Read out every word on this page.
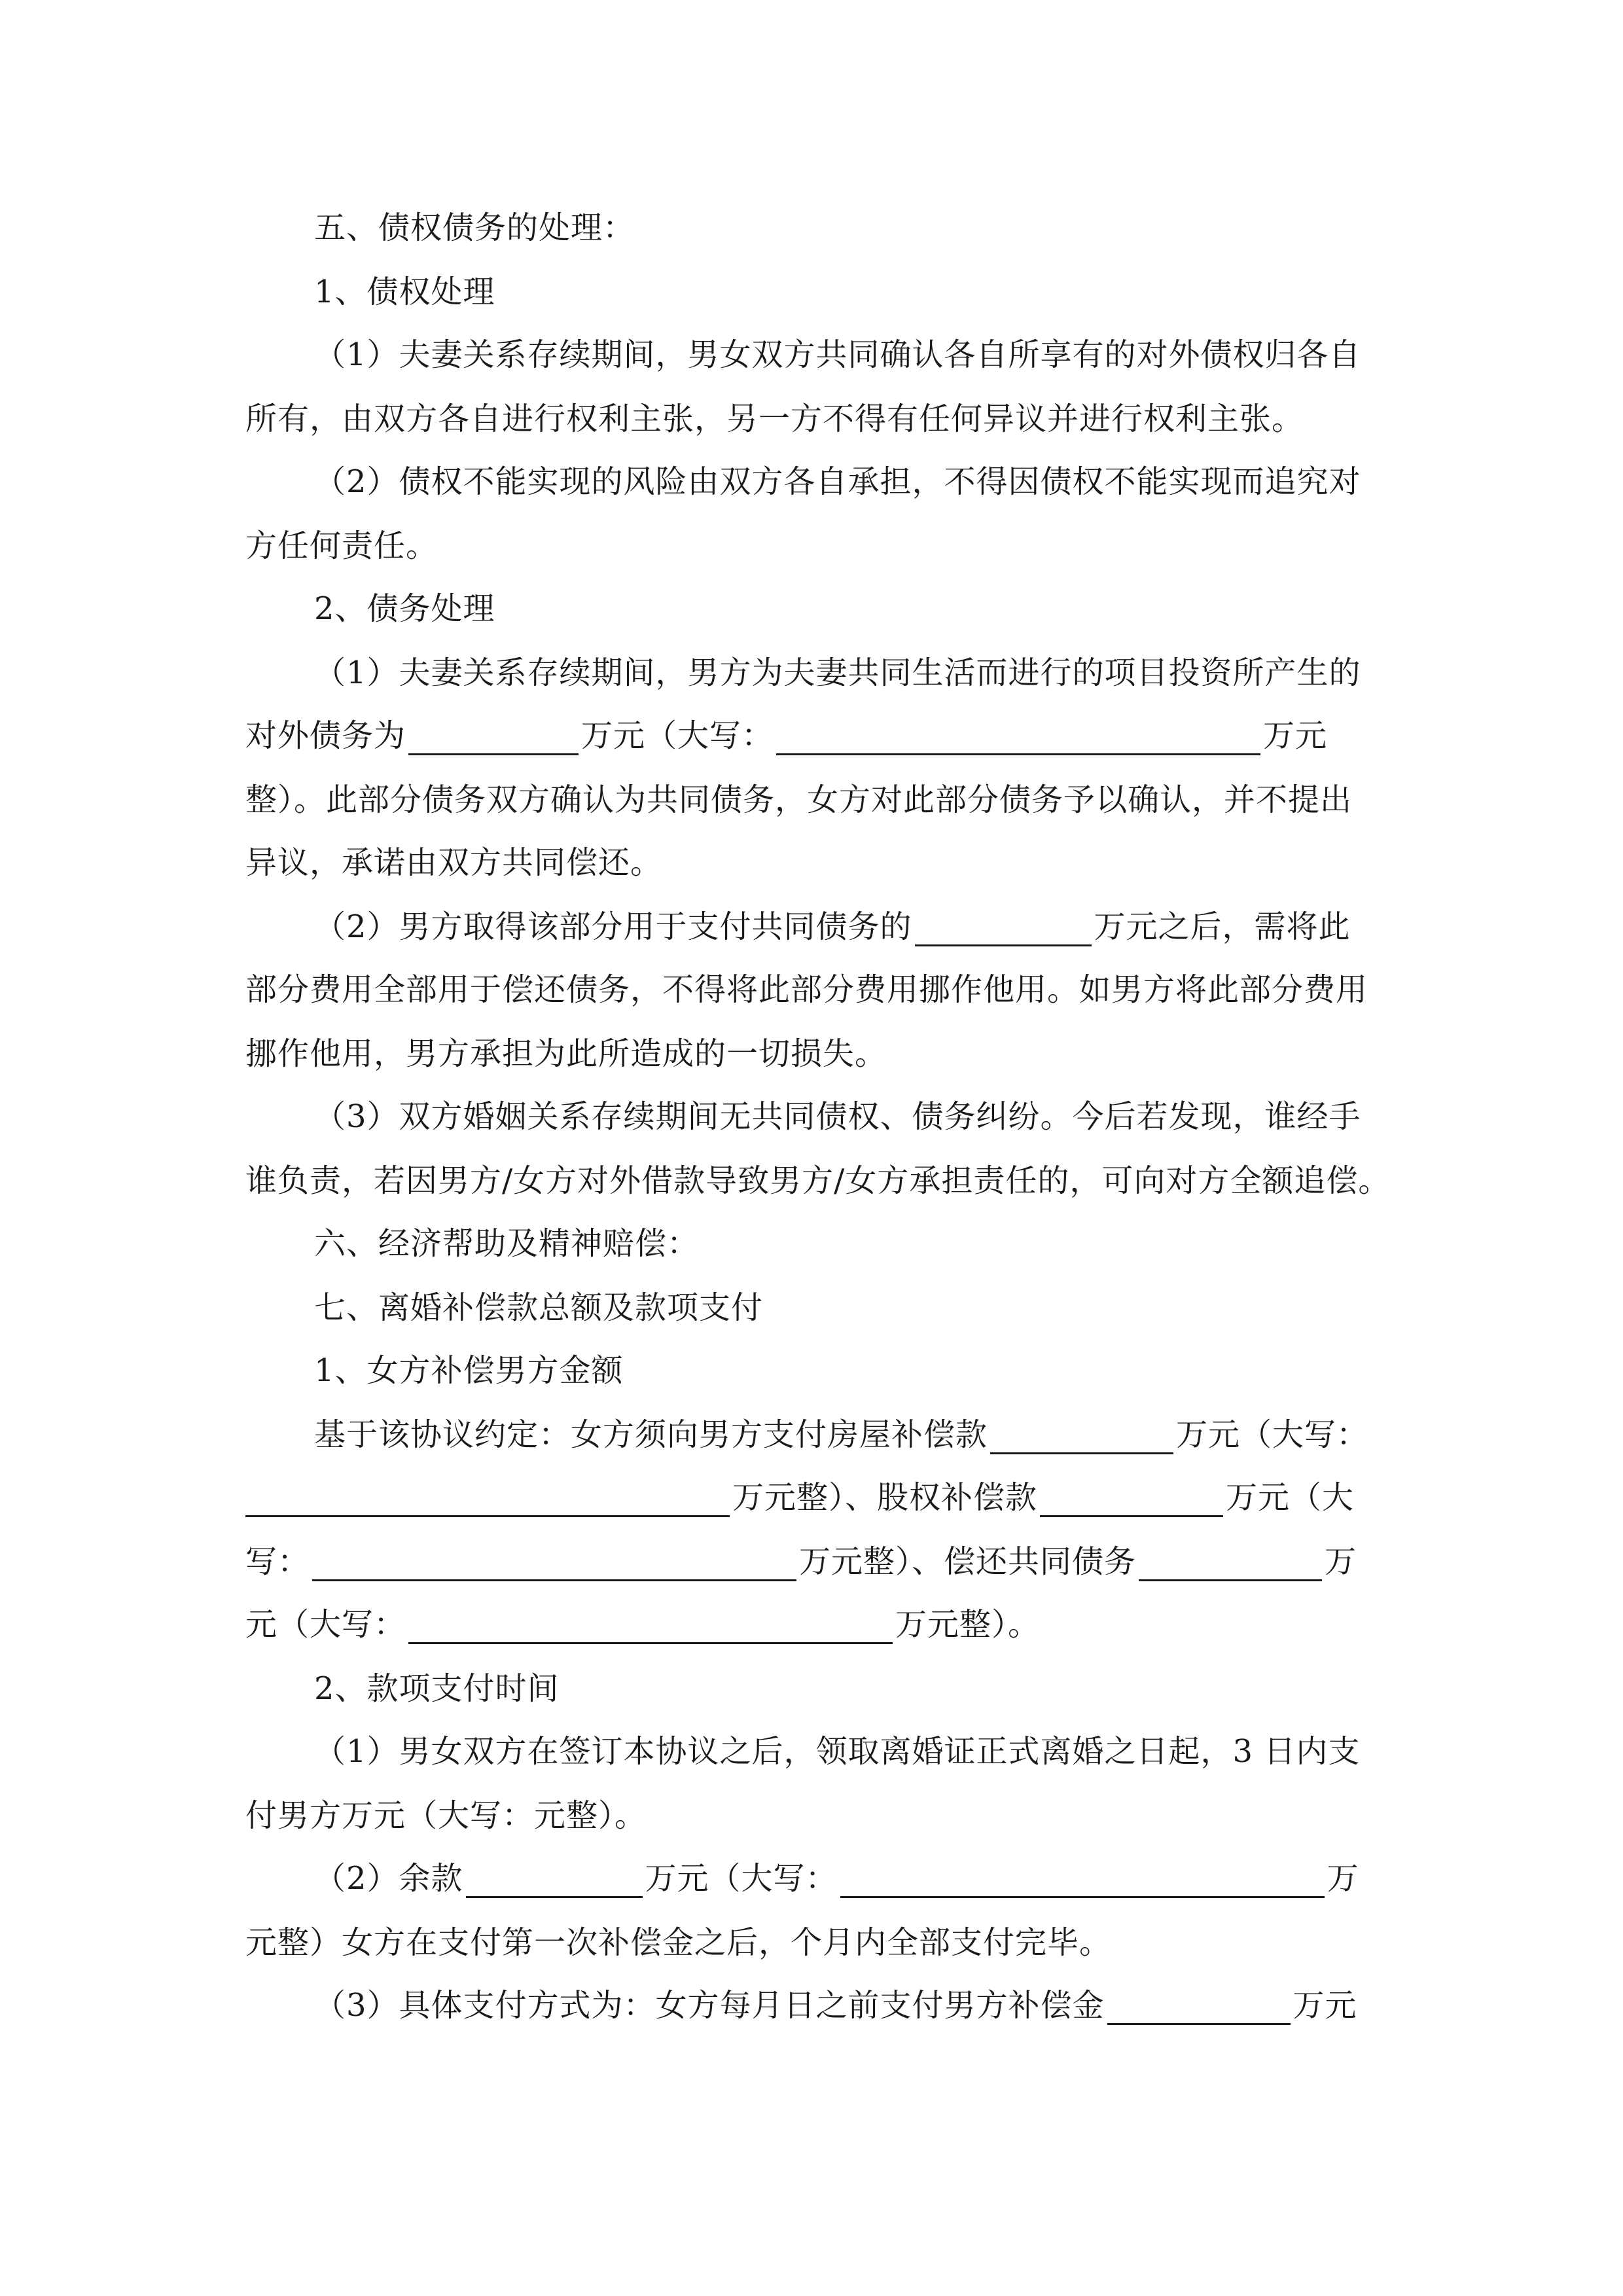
五、债权债务的处理：
1、债权处理
（1）夫妻关系存续期间，男女双方共同确认各自所享有的对外债权归各自
所有，由双方各自进行权利主张，另一方不得有任何异议并进行权利主张。
（2）债权不能实现的风险由双方各自承担，不得因债权不能实现而追究对
方任何责任。
2、债务处理
（1）夫妻关系存续期间，男方为夫妻共同生活而进行的项目投资所产生的
对外债务为	万元（大写：	万元
整）。此部分债务双方确认为共同债务，女方对此部分债务予以确认，并不提出
异议，承诺由双方共同偿还。
（2）男方取得该部分用于支付共同债务的	万元之后，需将此
部分费用全部用于偿还债务，不得将此部分费用挪作他用。如男方将此部分费用
挪作他用，男方承担为此所造成的一切损失。
（3）双方婚姻关系存续期间无共同债权、债务纠纷。今后若发现，谁经手
谁负责，若因男方/女方对外借款导致男方/女方承担责任的，可向对方全额追偿。
六、经济帮助及精神赔偿：
七、离婚补偿款总额及款项支付
1、女方补偿男方金额
基于该协议约定：女方须向男方支付房屋补偿款	万元（大写：
万元整）、股权补偿款	万元（大
写：	万元整）、偿还共同债务	万
元（大写：	万元整）。
2、款项支付时间
（1）男女双方在签订本协议之后，领取离婚证正式离婚之日起，3 日内支
付男方万元（大写：元整）。
（2）余款	万元（大写：	万
元整）女方在支付第一次补偿金之后，个月内全部支付完毕。
（3）具体支付方式为：女方每月日之前支付男方补偿金	万元
